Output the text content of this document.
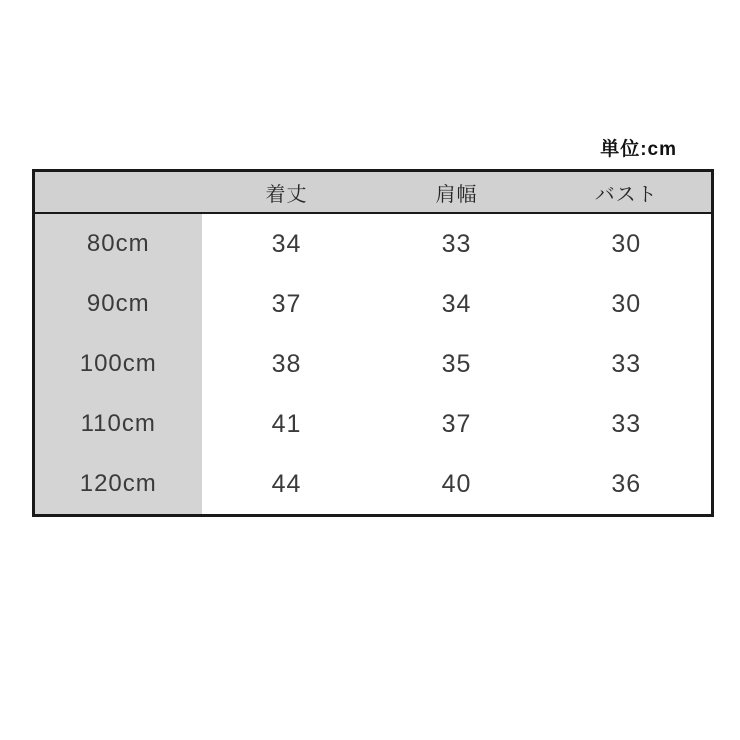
単位:cm
	着丈	肩幅	バスト
80cm	34	33	30
90cm	37	34	30
100cm	38	35	33
110cm	41	37	33
120cm	44	40	36
